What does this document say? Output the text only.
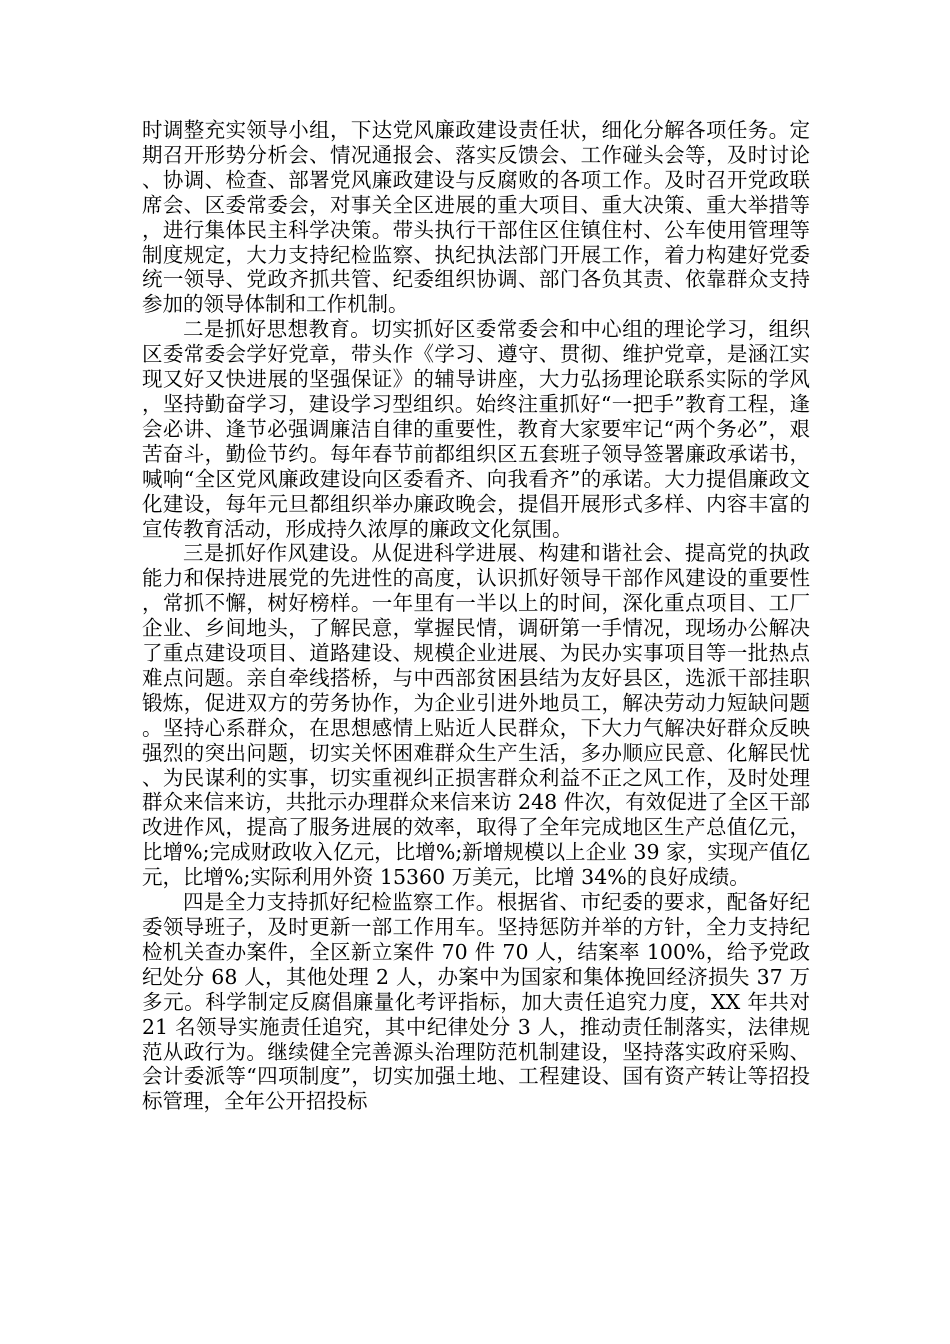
时调整充实领导小组，下达党风廉政建设责任状，细化分解各项任务。定期召开形势分析会、情况通报会、落实反馈会、工作碰头会等，及时讨论、协调、检查、部署党风廉政建设与反腐败的各项工作。及时召开党政联席会、区委常委会，对事关全区进展的重大项目、重大决策、重大举措等，进行集体民主科学决策。带头执行干部住区住镇住村、公车使用管理等制度规定，大力支持纪检监察、执纪执法部门开展工作，着力构建好党委统一领导、党政齐抓共管、纪委组织协调、部门各负其责、依靠群众支持参加的领导体制和工作机制。

二是抓好思想教育。切实抓好区委常委会和中心组的理论学习，组织区委常委会学好党章，带头作《学习、遵守、贯彻、维护党章，是涵江实现又好又快进展的坚强保证》的辅导讲座，大力弘扬理论联系实际的学风，坚持勤奋学习，建设学习型组织。始终注重抓好“一把手”教育工程，逢会必讲、逢节必强调廉洁自律的重要性，教育大家要牢记“两个务必”，艰苦奋斗，勤俭节约。每年春节前都组织区五套班子领导签署廉政承诺书，喊响“全区党风廉政建设向区委看齐、向我看齐”的承诺。大力提倡廉政文化建设，每年元旦都组织举办廉政晚会，提倡开展形式多样、内容丰富的宣传教育活动，形成持久浓厚的廉政文化氛围。

三是抓好作风建设。从促进科学进展、构建和谐社会、提高党的执政能力和保持进展党的先进性的高度，认识抓好领导干部作风建设的重要性，常抓不懈，树好榜样。一年里有一半以上的时间，深化重点项目、工厂企业、乡间地头，了解民意，掌握民情，调研第一手情况，现场办公解决了重点建设项目、道路建设、规模企业进展、为民办实事项目等一批热点难点问题。亲自牵线搭桥，与中西部贫困县结为友好县区，选派干部挂职锻炼，促进双方的劳务协作，为企业引进外地员工，解决劳动力短缺问题。坚持心系群众，在思想感情上贴近人民群众，下大力气解决好群众反映强烈的突出问题，切实关怀困难群众生产生活，多办顺应民意、化解民忧、为民谋利的实事，切实重视纠正损害群众利益不正之风工作，及时处理群众来信来访，共批示办理群众来信来访 248 件次，有效促进了全区干部改进作风，提高了服务进展的效率，取得了全年完成地区生产总值亿元，比增%;完成财政收入亿元，比增%;新增规模以上企业 39 家，实现产值亿元，比增%;实际利用外资 15360 万美元，比增 34%的良好成绩。

四是全力支持抓好纪检监察工作。根据省、市纪委的要求，配备好纪委领导班子，及时更新一部工作用车。坚持惩防并举的方针，全力支持纪检机关查办案件，全区新立案件 70 件 70 人，结案率 100%，给予党政纪处分 68 人，其他处理 2 人，办案中为国家和集体挽回经济损失 37 万多元。科学制定反腐倡廉量化考评指标，加大责任追究力度，XX 年共对 21 名领导实施责任追究，其中纪律处分 3 人，推动责任制落实，法律规范从政行为。继续健全完善源头治理防范机制建设，坚持落实政府采购、会计委派等“四项制度”，切实加强土地、工程建设、国有资产转让等招投标管理，全年公开招投标
